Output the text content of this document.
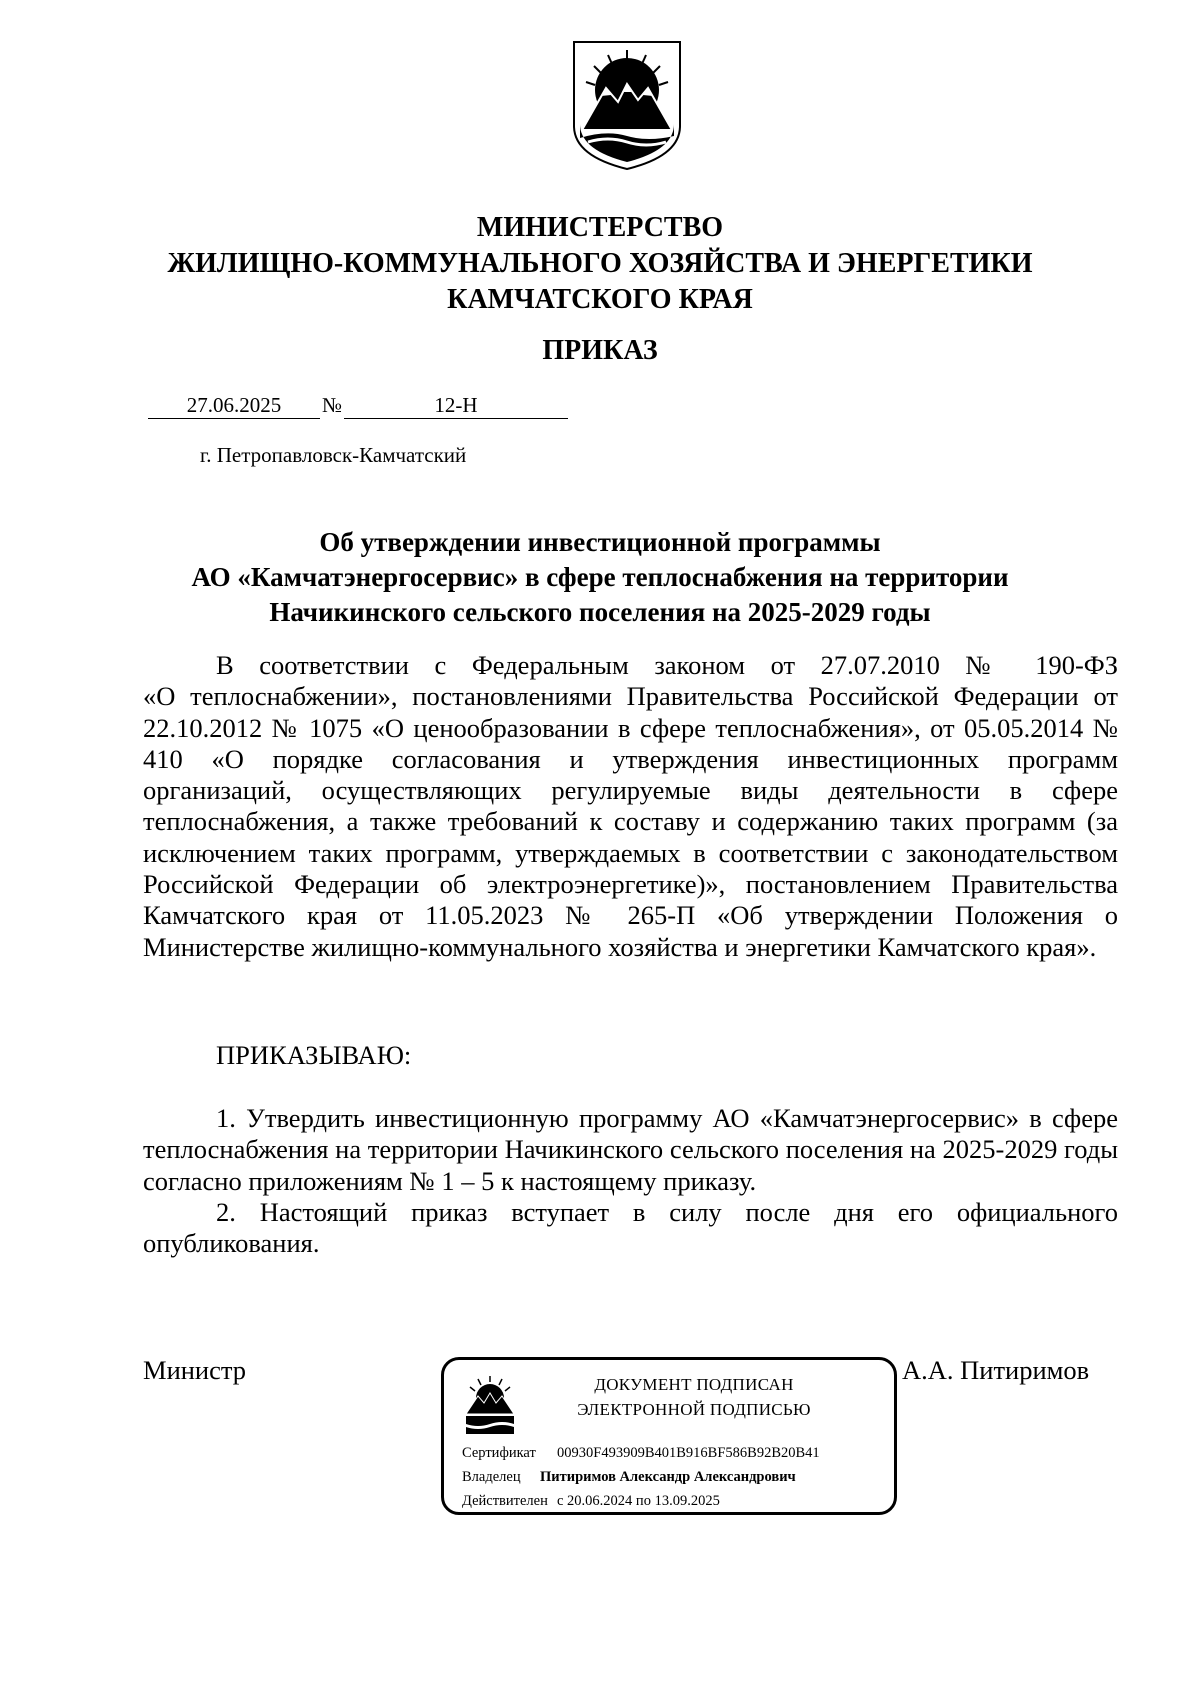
МИНИСТЕРСТВО
ЖИЛИЩНО-КОММУНАЛЬНОГО ХОЗЯЙСТВА И ЭНЕРГЕТИКИ
КАМЧАТСКОГО КРАЯ
ПРИКАЗ
27.06.2025	№	12-Н
г. Петропавловск-Камчатский
Об утверждении инвестиционной программы
АО «Камчатэнергосервис» в сфере теплоснабжения на территории
Начикинского сельского поселения на 2025-2029 годы

В соответствии с Федеральным законом от 27.07.2010 № 190-ФЗ

«О теплоснабжении», постановлениями Правительства Российской Федерации от 22.10.2012 № 1075 «О ценообразовании в сфере теплоснабжения», от 05.05.2014 № 410 «О порядке согласования и утверждения инвестиционных программ организаций, осуществляющих регулируемые виды деятельности в сфере теплоснабжения, а также требований к составу и содержанию таких программ (за исключением таких программ, утверждаемых в соответствии с законодательством Российской Федерации об электроэнергетике)», постановлением Правительства Камчатского края от 11.05.2023 № 265-П «Об утверждении Положения о Министерстве жилищно-коммунального хозяйства и энергетики Камчатского края».

ПРИКАЗЫВАЮ:

1. Утвердить инвестиционную программу АО «Камчатэнергосервис» в сфере теплоснабжения на территории Начикинского сельского поселения на 2025-2029 годы согласно приложениям № 1 – 5 к настоящему приказу.

2. Настоящий приказ вступает в силу после дня его официального опубликования.

Министр	А.А. Питиримов
ДОКУМЕНТ ПОДПИСАН
ЭЛЕКТРОННОЙ ПОДПИСЬЮ
Сертификат 00930F493909B401B916BF586B92B20B41
Владелец Питиримов Александр Александрович
Действителен с 20.06.2024 по 13.09.2025
